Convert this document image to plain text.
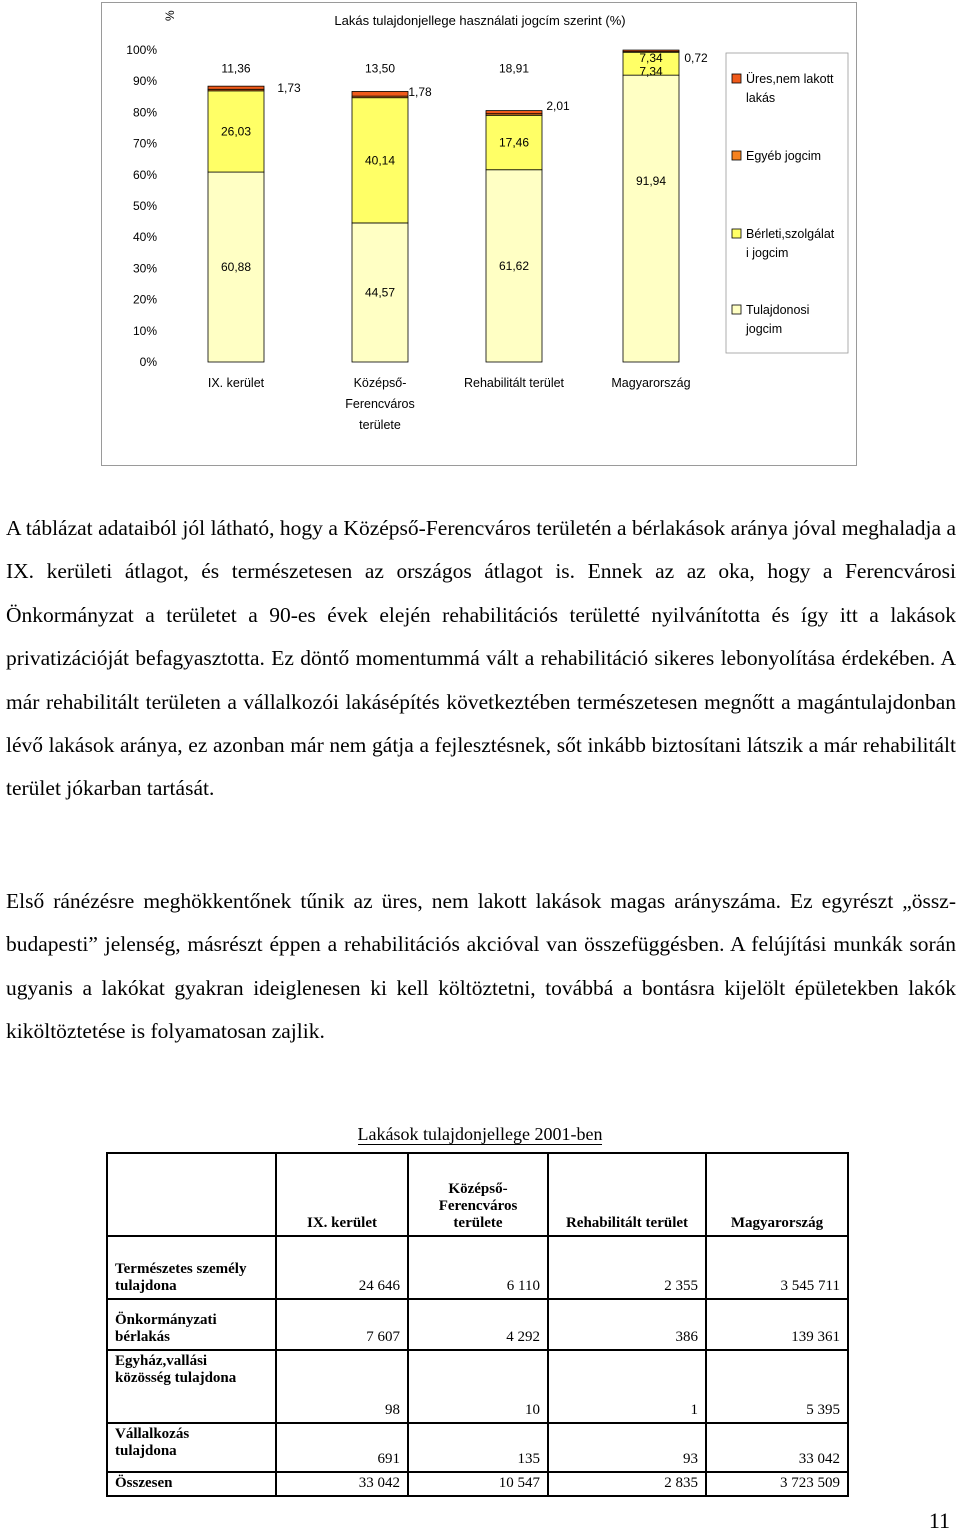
Lakás tulajdonjellege használati jogcím szerint (%)
%
0%
10%
20%
30%
40%
50%
60%
70%
80%
90%
100%
60,88
26,03
11,36
1,73
IX. kerület
44,57
40,14
13,50
1,78
Középső-
Ferencváros
területe
61,62
17,46
18,91
2,01
Rehabilitált terület
91,94
7,34
7,34 0,72
Magyarország
Üres,nem lakott
lakás
Egyéb jogcim
Bérleti,szolgálat
i jogcim
Tulajdonosi
jogcim

A táblázat adataiból jól látható, hogy a Középső-Ferencváros területén a bérlakások aránya jóval meghaladja a IX. kerületi átlagot, és természetesen az országos átlagot is. Ennek az az oka, hogy a Ferencvárosi Önkormányzat a területet a 90-es évek elején rehabilitációs területté nyilvánította és így itt a lakások privatizációját befagyasztotta. Ez döntő momentummá vált a rehabilitáció sikeres lebonyolítása érdekében. A már rehabilitált területen a vállalkozói lakásépítés következtében természetesen megnőtt a magántulajdonban lévő lakások aránya, ez azonban már nem gátja a fejlesztésnek, sőt inkább biztosítani látszik a már rehabilitált terület jókarban tartását.

Első ránézésre meghökkentőnek tűnik az üres, nem lakott lakások magas arányszáma. Ez egyrészt „össz-budapesti” jelenség, másrészt éppen a rehabilitációs akcióval van összefüggésben. A felújítási munkák során ugyanis a lakókat gyakran ideiglenesen ki kell költöztetni, továbbá a bontásra kijelölt épületekben lakók kiköltöztetése is folyamatosan zajlik.

Lakások tulajdonjellege 2001-ben
	IX. kerület	Középső-
Ferencváros
területe	Rehabilitált terület	Magyarország
Természetes személy
tulajdona	24 646	6 110	2 355	3 545 711
Önkormányzati
bérlakás	7 607	4 292	386	139 361
Egyház,vallási
közösség tulajdona	98	10	1	5 395
Vállalkozás
tulajdona	691	135	93	33 042
Összesen	33 042	10 547	2 835	3 723 509
11
